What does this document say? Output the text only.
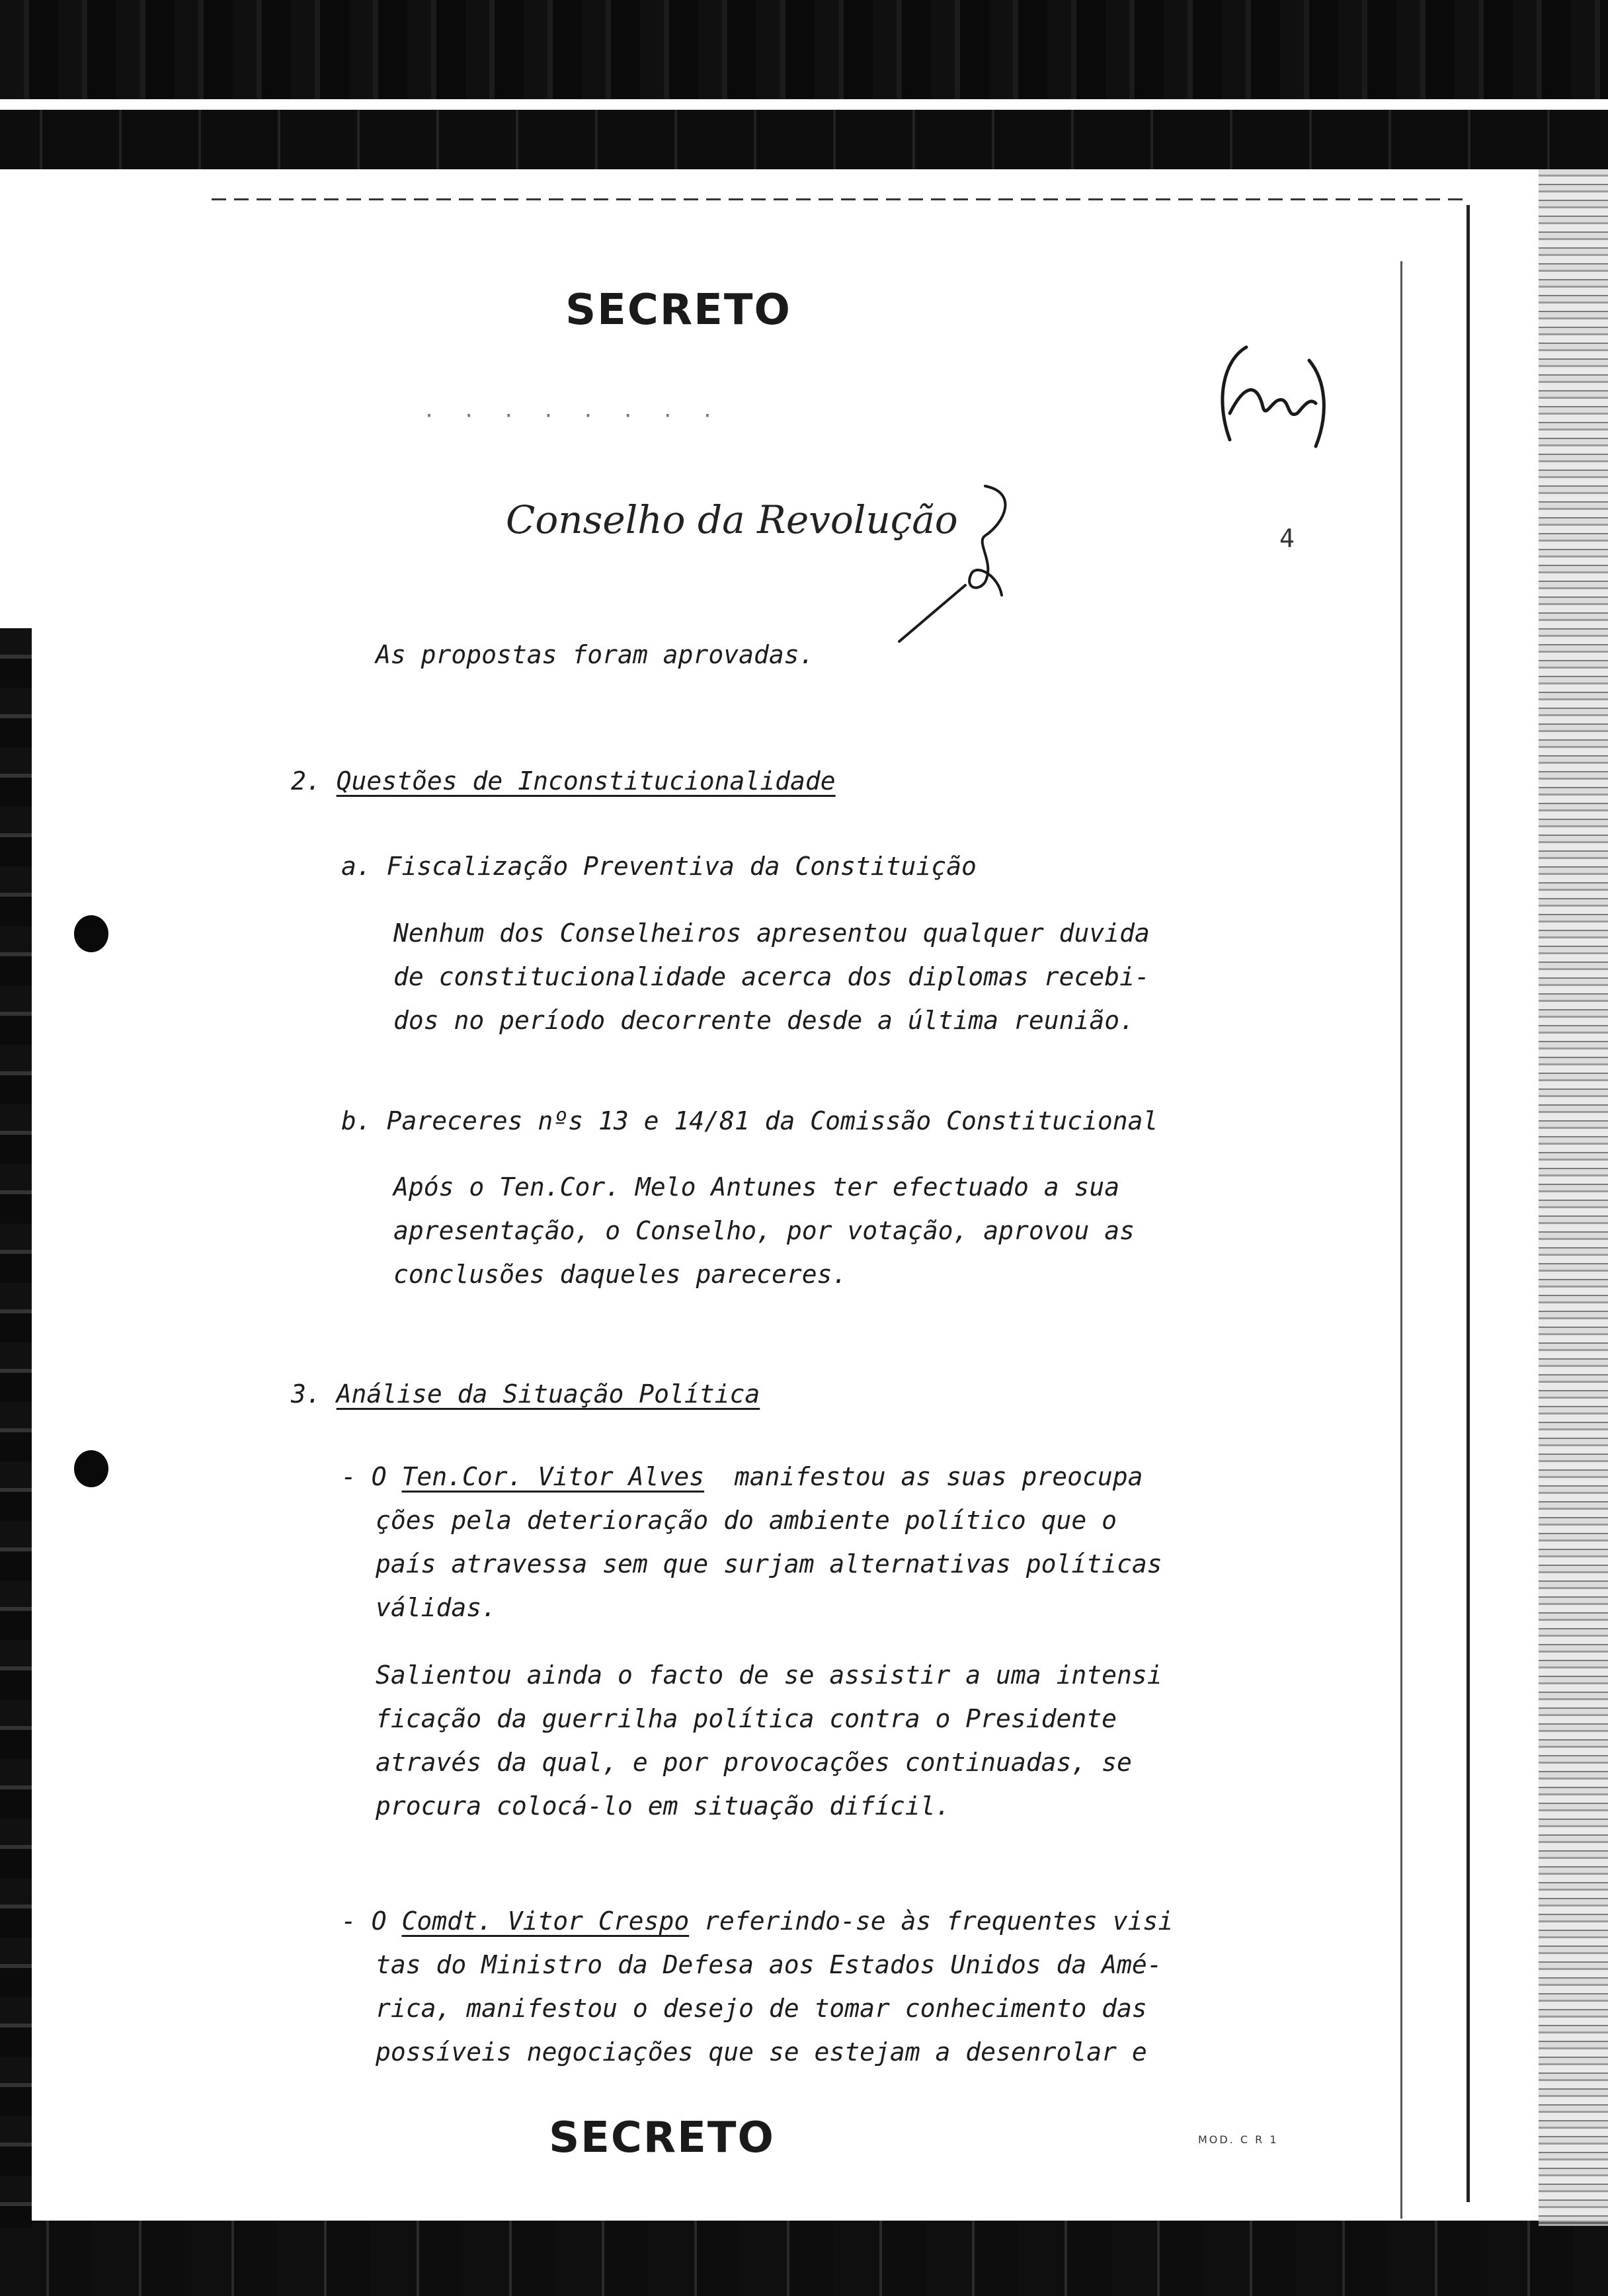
SECRETO
· · · · · · · ·
Conselho da Revolução	4

As propostas foram aprovadas.

2. Questões de Inconstitucionalidade

a. Fiscalização Preventiva da Constituição

Nenhum dos Conselheiros apresentou qualquer duvida
de constitucionalidade acerca dos diplomas recebi-
dos no período decorrente desde a última reunião.

b. Pareceres nºs 13 e 14/81 da Comissão Constitucional

Após o Ten.Cor. Melo Antunes ter efectuado a sua
apresentação, o Conselho, por votação, aprovou as
conclusões daqueles pareceres.

3. Análise da Situação Política

- O Ten.Cor. Vitor Alves  manifestou as suas preocupa
ções pela deterioração do ambiente político que o
país atravessa sem que surjam alternativas políticas
válidas.
Salientou ainda o facto de se assistir a uma intensi
ficação da guerrilha política contra o Presidente
através da qual, e por provocações continuadas, se
procura colocá-lo em situação difícil.
- O Comdt. Vitor Crespo referindo-se às frequentes visi
tas do Ministro da Defesa aos Estados Unidos da Amé-
rica, manifestou o desejo de tomar conhecimento das
possíveis negociações que se estejam a desenrolar e
SECRETO	MOD. C R 1
